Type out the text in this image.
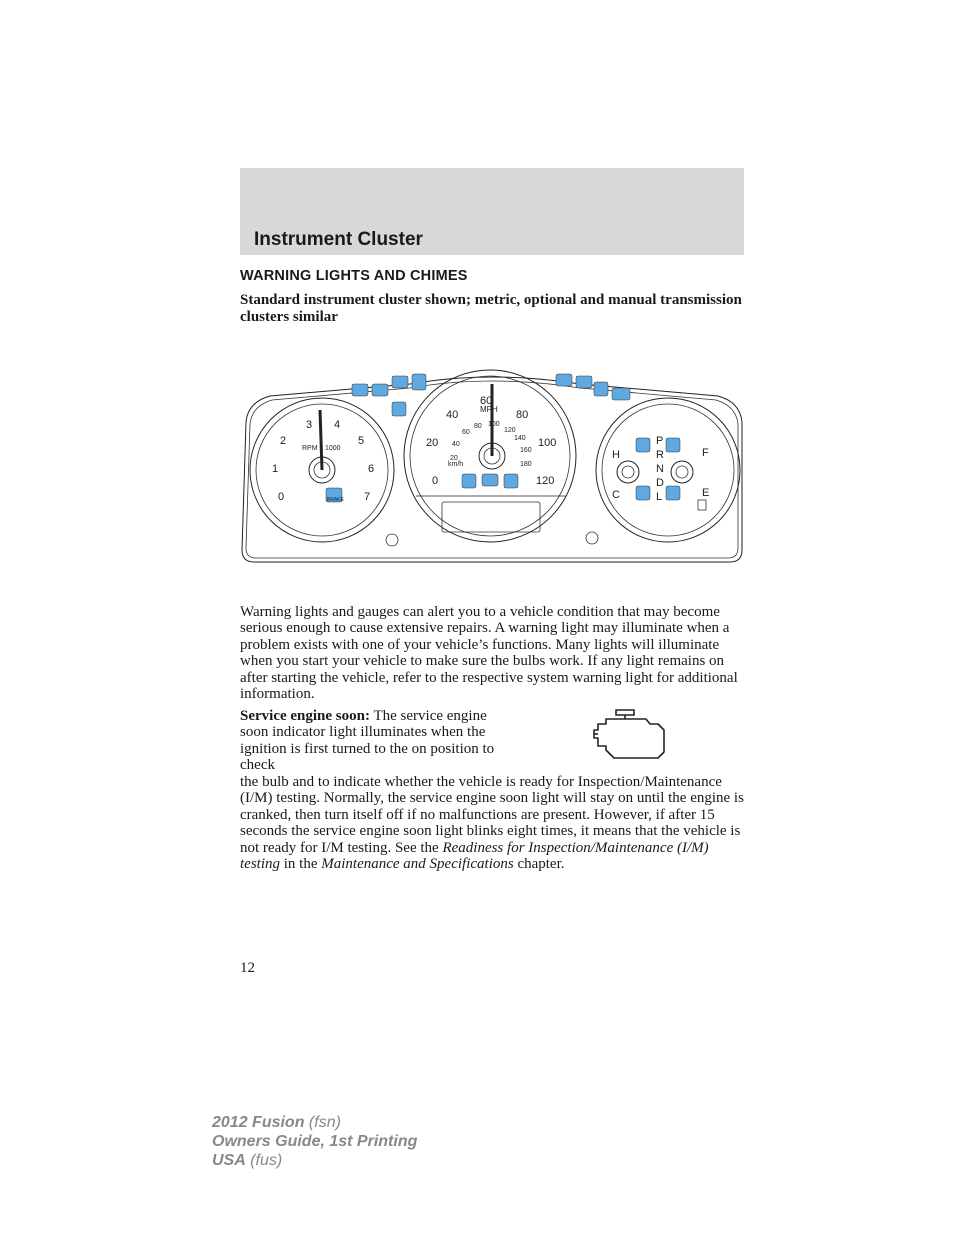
Instrument Cluster
WARNING LIGHTS AND CHIMES
Standard instrument cluster shown; metric, optional and manual transmission clusters similar
RPM x 1000
0
1
2
3 4
5
6
7
BRAKE
MPH
km/h
0
20
40
60
80
100
120
20
40
60
80 100
120
140
160
180
H
C
P
R
N
D
L
F
E
Warning lights and gauges can alert you to a vehicle condition that may become serious enough to cause extensive repairs. A warning light may illuminate when a problem exists with one of your vehicle’s functions. Many lights will illuminate when you start your vehicle to make sure the bulbs work. If any light remains on after starting the vehicle, refer to the respective system warning light for additional information.
Service engine soon: The service engine soon indicator light illuminates when the ignition is first turned to the on position to check
the bulb and to indicate whether the vehicle is ready for Inspection/Maintenance (I/M) testing. Normally, the service engine soon light will stay on until the engine is cranked, then turn itself off if no malfunctions are present. However, if after 15 seconds the service engine soon light blinks eight times, it means that the vehicle is not ready for I/M testing. See the Readiness for Inspection/Maintenance (I/M) testing in the Maintenance and Specifications chapter.
12
2012 Fusion (fsn)
Owners Guide, 1st Printing
USA (fus)
